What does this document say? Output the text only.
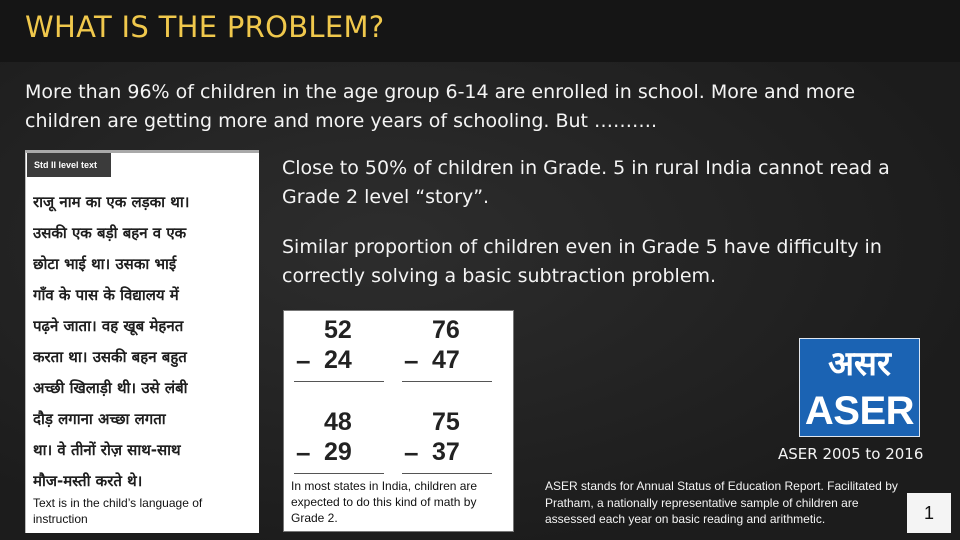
WHAT IS THE PROBLEM?
More than 96% of children in the age group 6-14 are enrolled in school. More and more children are getting more and more years of schooling. But ……….
Close to 50% of children in Grade. 5 in rural India cannot read a Grade 2 level “story”.
Similar proportion of children even in Grade 5 have difficulty in correctly solving a basic subtraction problem.
Std II level text
राजू नाम का एक लड़का था।
उसकी एक बड़ी बहन व एक
छोटा भाई था। उसका भाई
गाँव के पास के विद्यालय में
पढ़ने जाता। वह खूब मेहनत
करता था। उसकी बहन बहुत
अच्छी खिलाड़ी थी। उसे लंबी
दौड़ लगाना अच्छा लगता
था। वे तीनों रोज़ साथ-साथ
मौज-मस्ती करते थे।
Text is in the child’s language of instruction
52
– 24
76
– 47
48
– 29
75
– 37
In most states in India, children are expected to do this kind of math by Grade 2.
असर
ASER
ASER 2005 to 2016
ASER stands for Annual Status of Education Report. Facilitated by Pratham, a nationally representative sample of children are assessed each year on basic reading and arithmetic.	1
